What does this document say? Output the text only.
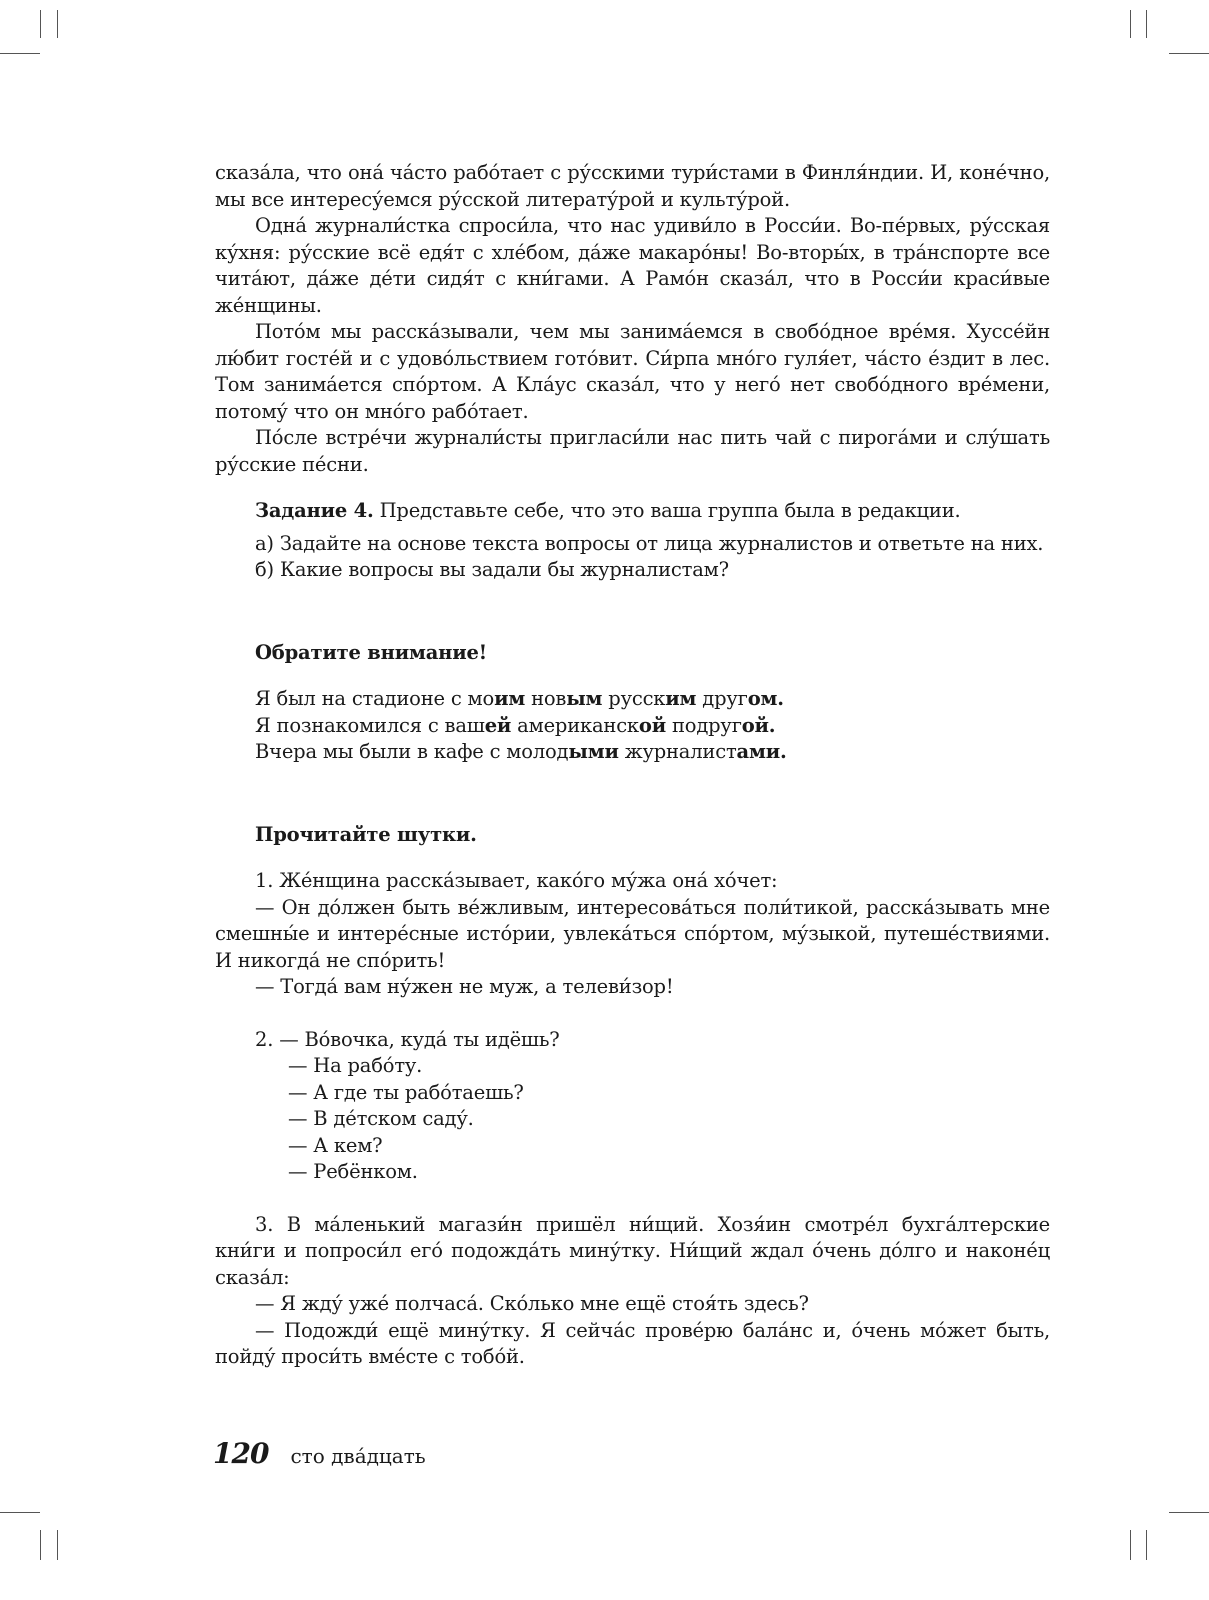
сказа́ла, что она́ ча́сто рабо́тает с ру́сскими тури́стами в Финля́ндии. И, коне́чно, мы все интересу́емся ру́сской литерату́рой и культу́рой.

Одна́ журнали́стка спроси́ла, что нас удиви́ло в Росси́и. Во-пе́рвых, ру́сская ку́хня: ру́сские всё едя́т с хле́бом, да́же макаро́ны! Во-вторы́х, в тра́нспорте все чита́ют, да́же де́ти сидя́т с кни́гами. А Рамо́н сказа́л, что в Росси́и краси́вые же́нщины.

Пото́м мы расска́зывали, чем мы занима́емся в свобо́дное вре́мя. Хуссе́йн лю́бит госте́й и с удово́льствием гото́вит. Си́рпа мно́го гуля́ет, ча́сто е́здит в лес. Том занима́ется спо́ртом. А Кла́ус сказа́л, что у него́ нет свобо́дного вре́мени, потому́ что он мно́го рабо́тает.

По́сле встре́чи журнали́сты пригласи́ли нас пить чай с пирога́ми и слу́шать ру́сские пе́сни.

Задание 4. Представьте себе, что это ваша группа была в редакции.

а) Задайте на основе текста вопросы от лица журналистов и ответьте на них.
б) Какие вопросы вы задали бы журналистам?
Обратите внимание!
Я был на стадионе с моим новым русским другом.
Я познакомился с вашей американской подругой.
Вчера мы были в кафе с молодыми журналистами.
Прочитайте шутки.
1. Же́нщина расска́зывает, како́го му́жа она́ хо́чет:
— Он до́лжен быть ве́жливым, интересова́ться поли́тикой, расска́зывать мне смешны́е и интере́сные исто́рии, увлека́ться спо́ртом, му́зыкой, путеше́ствиями. И никогда́ не спо́рить!
— Тогда́ вам ну́жен не муж, а телеви́зор!
2. — Во́вочка, куда́ ты идёшь?
— На рабо́ту.
— А где ты рабо́таешь?
— В де́тском саду́.
— А кем?
— Ребёнком.
3. В ма́ленький магази́н пришёл ни́щий. Хозя́ин смотре́л бухга́лтерские кни́ги и попроси́л его́ подожда́ть мину́тку. Ни́щий ждал о́чень до́лго и наконе́ц сказа́л:
— Я жду́ уже́ полчаса́. Ско́лько мне ещё стоя́ть здесь?
— Подожди́ ещё мину́тку. Я сейча́с прове́рю бала́нс и, о́чень мо́жет быть, пойду́ проси́ть вме́сте с тобо́й.
120 сто два́дцать
